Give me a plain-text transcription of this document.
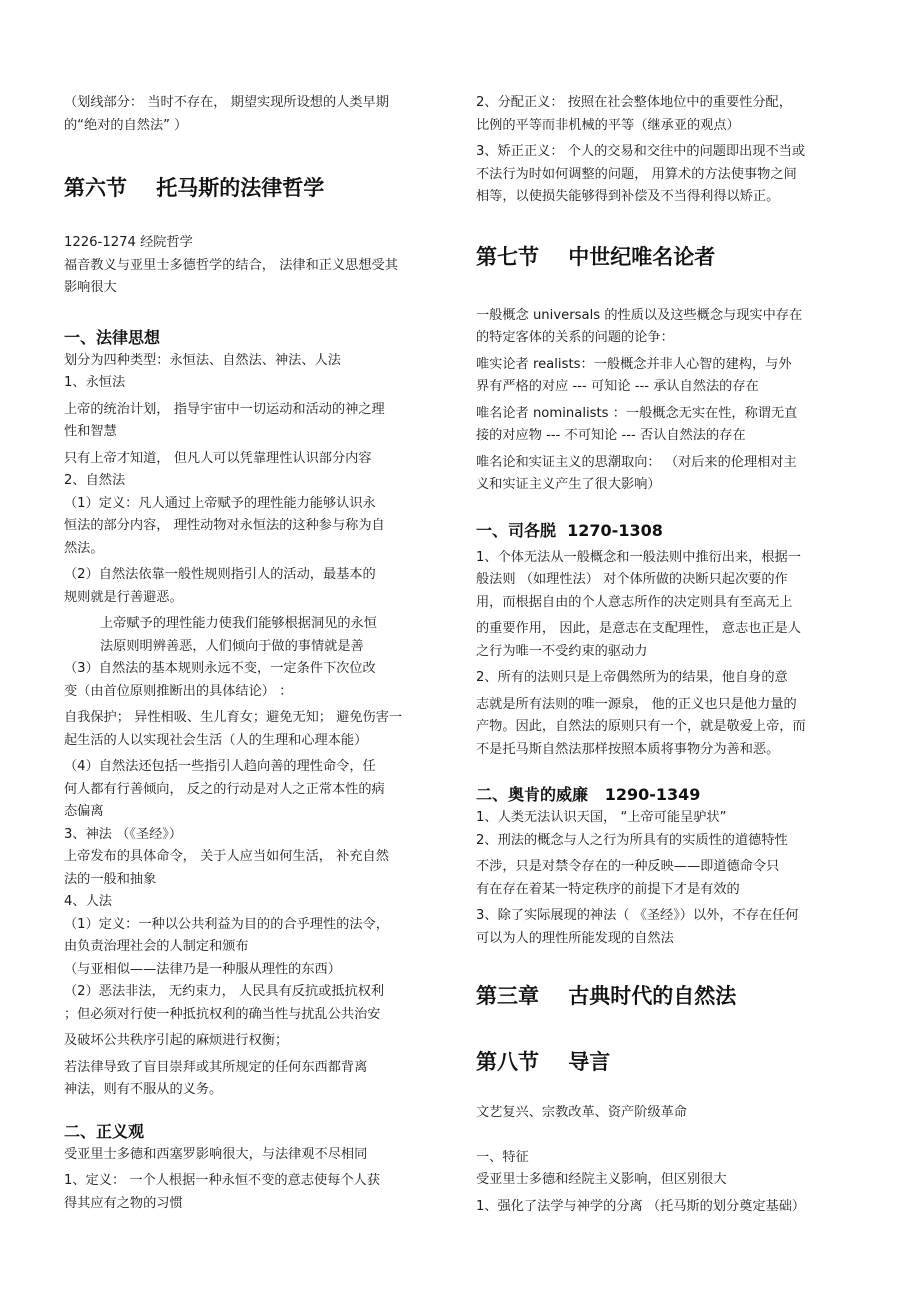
（划线部分： 当时不存在， 期望实现所设想的人类早期
的“绝对的自然法” ）

第六节    托马斯的法律哲学

1226-1274 经院哲学

福音教义与亚里士多德哲学的结合， 法律和正义思想受其
影响很大

一、法律思想

划分为四种类型：永恒法、自然法、神法、人法

1、永恒法

上帝的统治计划， 指导宇宙中一切运动和活动的神之理
性和智慧

只有上帝才知道， 但凡人可以凭靠理性认识部分内容

2、自然法

（1）定义：凡人通过上帝赋予的理性能力能够认识永
恒法的部分内容， 理性动物对永恒法的这种参与称为自
然法。

（2）自然法依靠一般性规则指引人的活动，最基本的
规则就是行善避恶。

上帝赋予的理性能力使我们能够根据洞见的永恒
法原则明辨善恶，人们倾向于做的事情就是善

（3）自然法的基本规则永远不变，一定条件下次位改
变（由首位原则推断出的具体结论） ：

自我保护； 异性相吸、生儿育女；避免无知； 避免伤害一
起生活的人以实现社会生活（人的生理和心理本能）

（4）自然法还包括一些指引人趋向善的理性命令，任
何人都有行善倾向， 反之的行动是对人之正常本性的病
态偏离

3、神法 （《圣经》）

上帝发布的具体命令， 关于人应当如何生活， 补充自然
法的一般和抽象

4、人法

（1）定义：一种以公共利益为目的的合乎理性的法令，
由负责治理社会的人制定和颁布
（与亚相似——法律乃是一种服从理性的东西）

（2）恶法非法， 无约束力， 人民具有反抗或抵抗权利
；但必须对行使一种抵抗权利的确当性与扰乱公共治安

及破坏公共秩序引起的麻烦进行权衡；

若法律导致了盲目崇拜或其所规定的任何东西都背离
神法，则有不服从的义务。

二、正义观

受亚里士多德和西塞罗影响很大，与法律观不尽相同

1、定义： 一个人根据一种永恒不变的意志使每个人获
得其应有之物的习惯

2、分配正义： 按照在社会整体地位中的重要性分配，
比例的平等而非机械的平等（继承亚的观点）

3、矫正正义： 个人的交易和交往中的问题即出现不当或
不法行为时如何调整的问题， 用算术的方法使事物之间
相等，以使损失能够得到补偿及不当得利得以矫正。

第七节    中世纪唯名论者

一般概念 universals 的性质以及这些概念与现实中存在
的特定客体的关系的问题的论争：

唯实论者 realists：一般概念并非人心智的建构，与外
界有严格的对应 --- 可知论 --- 承认自然法的存在

唯名论者 nominalists ：一般概念无实在性，称谓无直
接的对应物 --- 不可知论 --- 否认自然法的存在

唯名论和实证主义的思潮取向： （对后来的伦理相对主
义和实证主义产生了很大影响）

一、司各脱  1270-1308

1、个体无法从一般概念和一般法则中推衍出来，根据一
般法则 （如理性法） 对个体所做的决断只起次要的作
用，而根据自由的个人意志所作的决定则具有至高无上

的重要作用， 因此，是意志在支配理性， 意志也正是人
之行为唯一不受约束的驱动力

2、所有的法则只是上帝偶然所为的结果，他自身的意

志就是所有法则的唯一源泉， 他的正义也只是他力量的
产物。因此，自然法的原则只有一个，就是敬爱上帝，而
不是托马斯自然法那样按照本质将事物分为善和恶。

二、奥肯的威廉   1290-1349

1、人类无法认识天国， “上帝可能呈驴状”

2、刑法的概念与人之行为所具有的实质性的道德特性

不涉，只是对禁令存在的一种反映——即道德命令只
有在存在着某一特定秩序的前提下才是有效的

3、除了实际展现的神法（ 《圣经》）以外，不存在任何
可以为人的理性所能发现的自然法

第三章    古典时代的自然法
第八节    导言

文艺复兴、宗教改革、资产阶级革命

一、特征

受亚里士多德和经院主义影响，但区别很大

1、强化了法学与神学的分离 （托马斯的划分奠定基础）
